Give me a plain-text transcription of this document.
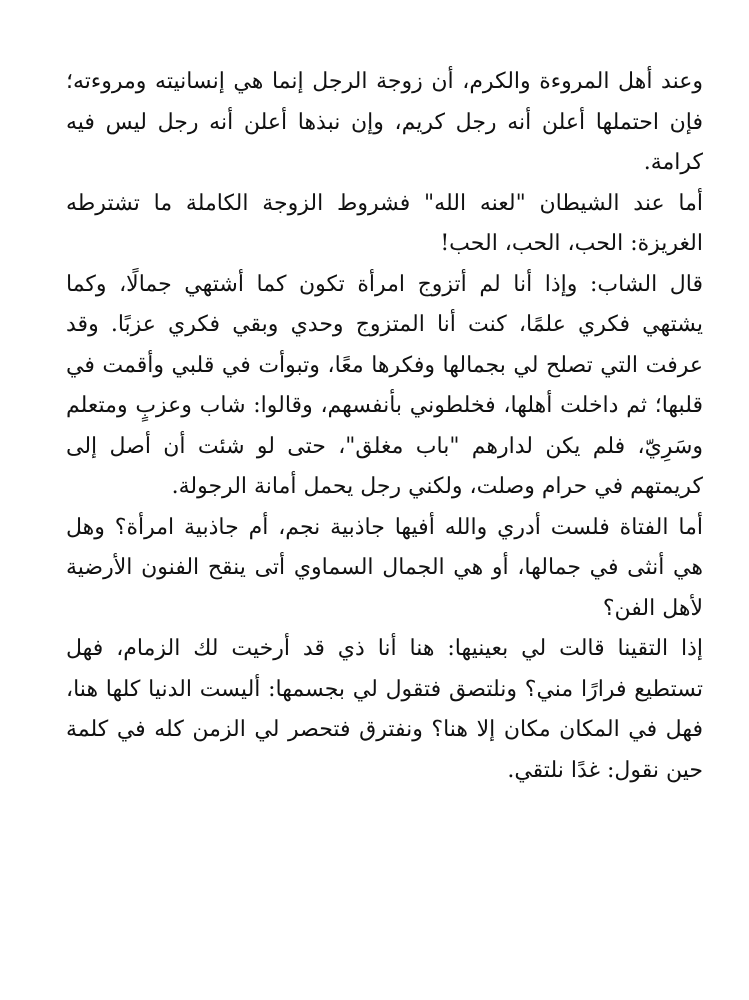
وعند أهل المروءة والكرم، أن زوجة الرجل إنما هي إنسانيته ومروءته؛ فإن احتملها أعلن أنه رجل كريم، وإن نبذها أعلن أنه رجل ليس فيه كرامة.

أما عند الشيطان "لعنه الله" فشروط الزوجة الكاملة ما تشترطه الغريزة: الحب، الحب، الحب!

قال الشاب: وإذا أنا لم أتزوج امرأة تكون كما أشتهي جمالًا، وكما يشتهي فكري علمًا، كنت أنا المتزوج وحدي وبقي فكري عزبًا. وقد عرفت التي تصلح لي بجمالها وفكرها معًا، وتبوأت في قلبي وأقمت في قلبها؛ ثم داخلت أهلها، فخلطوني بأنفسهم، وقالوا: شاب وعزبٍ ومتعلم وسَرِيّ، فلم يكن لدارهم "باب مغلق"، حتى لو شئت أن أصل إلى كريمتهم في حرام وصلت، ولكني رجل يحمل أمانة الرجولة.

أما الفتاة فلست أدري والله أفيها جاذبية نجم، أم جاذبية امرأة؟ وهل هي أنثى في جمالها، أو هي الجمال السماوي أتى ينقح الفنون الأرضية لأهل الفن؟

إذا التقينا قالت لي بعينيها: هنا أنا ذي قد أرخيت لك الزمام، فهل تستطيع فرارًا مني؟ ونلتصق فتقول لي بجسمها: أليست الدنيا كلها هنا، فهل في المكان مكان إلا هنا؟ ونفترق فتحصر لي الزمن كله في كلمة حين نقول: غدًا نلتقي.
